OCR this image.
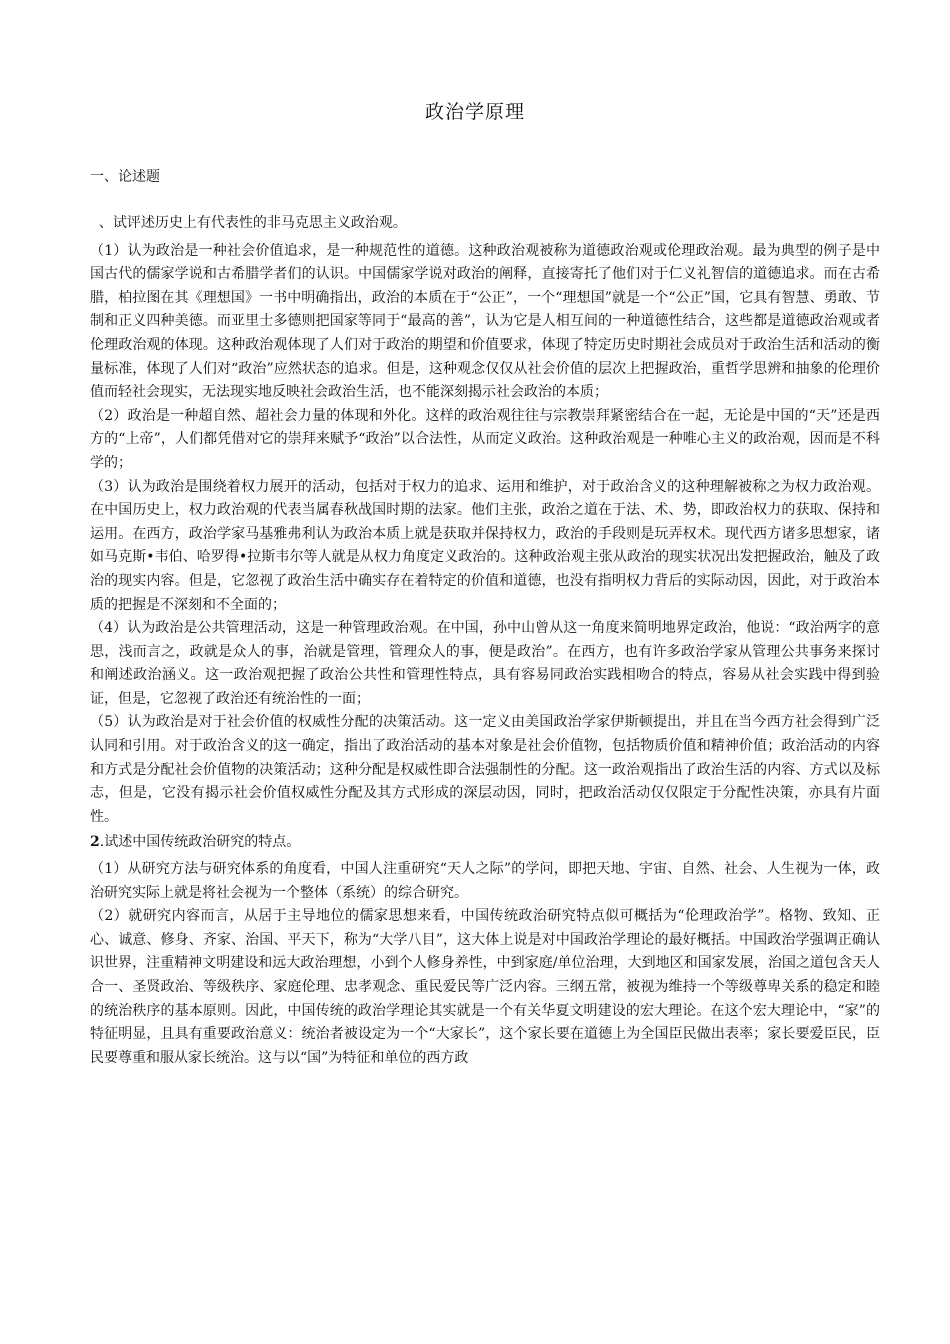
政治学原理
一、论述题

、试评述历史上有代表性的非马克思主义政治观。

（1）认为政治是一种社会价值追求，是一种规范性的道德。这种政治观被称为道德政治观或伦理政治观。最为典型的例子是中国古代的儒家学说和古希腊学者们的认识。中国儒家学说对政治的阐释，直接寄托了他们对于仁义礼智信的道德追求。而在古希腊，柏拉图在其《理想国》一书中明确指出，政治的本质在于“公正”，一个“理想国”就是一个“公正”国，它具有智慧、勇敢、节制和正义四种美德。而亚里士多德则把国家等同于“最高的善”，认为它是人相互间的一种道德性结合，这些都是道德政治观或者伦理政治观的体现。这种政治观体现了人们对于政治的期望和价值要求，体现了特定历史时期社会成员对于政治生活和活动的衡量标准，体现了人们对“政治”应然状态的追求。但是，这种观念仅仅从社会价值的层次上把握政治，重哲学思辨和抽象的伦理价值而轻社会现实，无法现实地反映社会政治生活，也不能深刻揭示社会政治的本质；

（2）政治是一种超自然、超社会力量的体现和外化。这样的政治观往往与宗教崇拜紧密结合在一起，无论是中国的“天”还是西方的“上帝”，人们都凭借对它的崇拜来赋予“政治”以合法性，从而定义政治。这种政治观是一种唯心主义的政治观，因而是不科学的；

（3）认为政治是围绕着权力展开的活动，包括对于权力的追求、运用和维护，对于政治含义的这种理解被称之为权力政治观。在中国历史上，权力政治观的代表当属春秋战国时期的法家。他们主张，政治之道在于法、术、势，即政治权力的获取、保持和运用。在西方，政治学家马基雅弗利认为政治本质上就是获取并保持权力，政治的手段则是玩弄权术。现代西方诸多思想家，诸如马克斯•韦伯、哈罗得•拉斯韦尔等人就是从权力角度定义政治的。这种政治观主张从政治的现实状况出发把握政治，触及了政治的现实内容。但是，它忽视了政治生活中确实存在着特定的价值和道德，也没有指明权力背后的实际动因，因此，对于政治本质的把握是不深刻和不全面的；

（4）认为政治是公共管理活动，这是一种管理政治观。在中国，孙中山曾从这一角度来简明地界定政治，他说：“政治两字的意思，浅而言之，政就是众人的事，治就是管理，管理众人的事，便是政治”。在西方，也有许多政治学家从管理公共事务来探讨和阐述政治涵义。这一政治观把握了政治公共性和管理性特点，具有容易同政治实践相吻合的特点，容易从社会实践中得到验证，但是，它忽视了政治还有统治性的一面；

（5）认为政治是对于社会价值的权威性分配的决策活动。这一定义由美国政治学家伊斯顿提出，并且在当今西方社会得到广泛认同和引用。对于政治含义的这一确定，指出了政治活动的基本对象是社会价值物，包括物质价值和精神价值；政治活动的内容和方式是分配社会价值物的决策活动；这种分配是权威性即合法强制性的分配。这一政治观指出了政治生活的内容、方式以及标志，但是，它没有揭示社会价值权威性分配及其方式形成的深层动因，同时，把政治活动仅仅限定于分配性决策，亦具有片面性。

2.试述中国传统政治研究的特点。

（1）从研究方法与研究体系的角度看，中国人注重研究“天人之际”的学问，即把天地、宇宙、自然、社会、人生视为一体，政治研究实际上就是将社会视为一个整体（系统）的综合研究。

（2）就研究内容而言，从居于主导地位的儒家思想来看，中国传统政治研究特点似可概括为“伦理政治学”。格物、致知、正心、诚意、修身、齐家、治国、平天下，称为“大学八目”，这大体上说是对中国政治学理论的最好概括。中国政治学强调正确认识世界，注重精神文明建设和远大政治理想，小到个人修身养性，中到家庭/单位治理，大到地区和国家发展，治国之道包含天人合一、圣贤政治、等级秩序、家庭伦理、忠孝观念、重民爱民等广泛内容。三纲五常，被视为维持一个等级尊卑关系的稳定和睦的统治秩序的基本原则。因此，中国传统的政治学理论其实就是一个有关华夏文明建设的宏大理论。在这个宏大理论中，“家”的特征明显，且具有重要政治意义：统治者被设定为一个“大家长”，这个家长要在道德上为全国臣民做出表率；家长要爱臣民，臣民要尊重和服从家长统治。这与以“国”为特征和单位的西方政
